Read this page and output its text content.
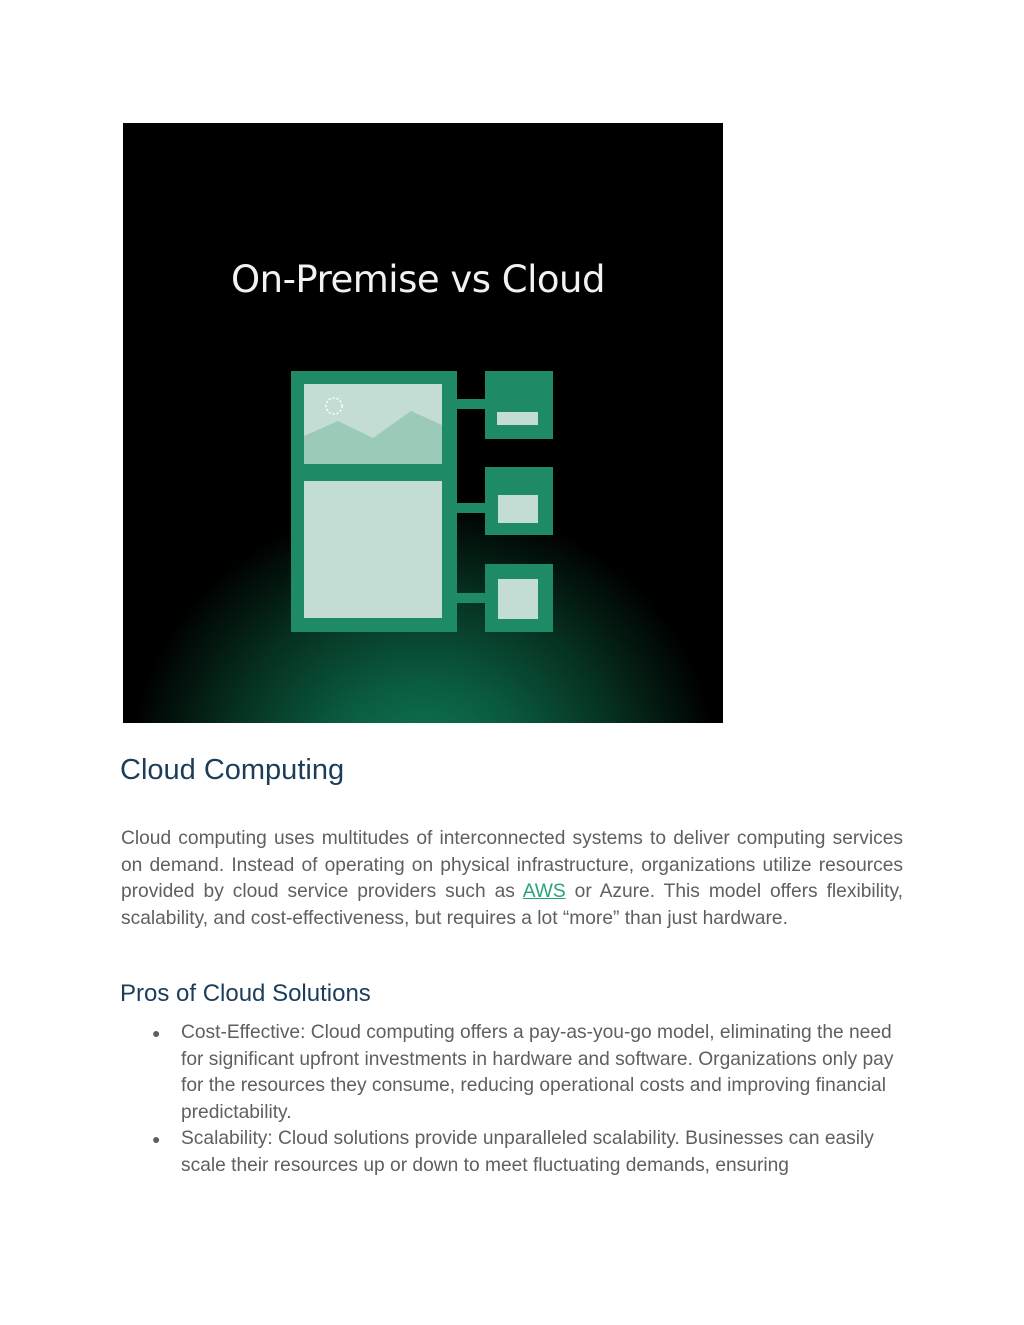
On-Premise vs Cloud
Cloud Computing

Cloud computing uses multitudes of interconnected systems to deliver computing services on demand. Instead of operating on physical infrastructure, organizations utilize resources provided by cloud service providers such as AWS or Azure. This model offers flexibility, scalability, and cost-effectiveness, but requires a lot “more” than just hardware.

Pros of Cloud Solutions
● Cost-Effective: Cloud computing offers a pay-as-you-go model, eliminating the need for significant upfront investments in hardware and software. Organizations only pay for the resources they consume, reducing operational costs and improving financial predictability.
● Scalability: Cloud solutions provide unparalleled scalability. Businesses can easily scale their resources up or down to meet fluctuating demands, ensuring
